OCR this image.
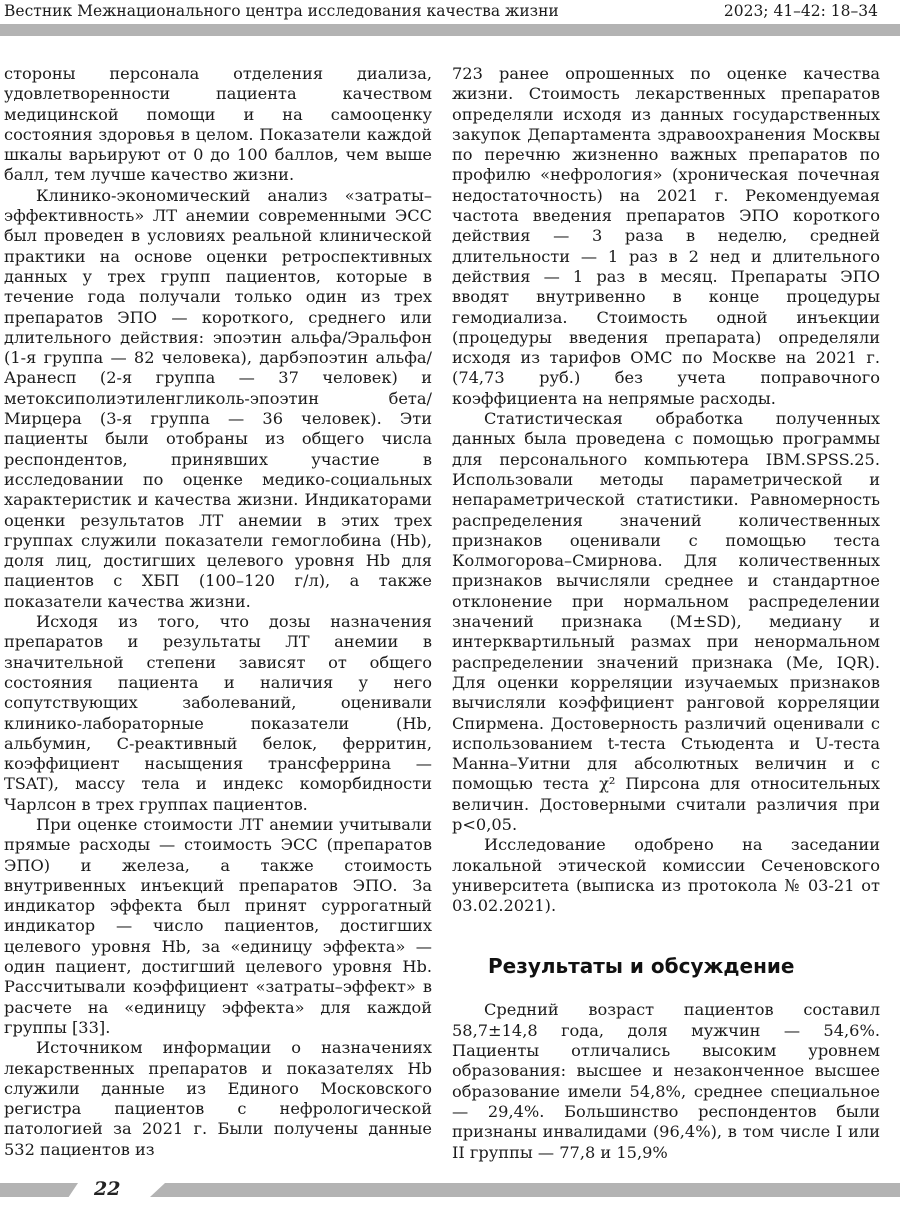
Вестник Межнационального центра исследования качества жизни	2023; 41–42: 18–34

стороны персонала отделения диализа, удовлетворенности пациента качеством медицинской помощи и на самооценку состояния здоровья в целом. Показатели каждой шкалы варьируют от 0 до 100 баллов, чем выше балл, тем лучше качество жизни.

Клинико-экономический анализ «затраты–эффективность» ЛТ анемии современными ЭСС был проведен в условиях реальной клинической практики на основе оценки ретроспективных данных у трех групп пациентов, которые в течение года получали только один из трех препаратов ЭПО — короткого, среднего или длительного действия: эпоэтин альфа/Эральфон (1-я группа — 82 человека), дарбэпоэтин альфа/Аранесп (2-я группа — 37 человек) и метоксиполиэтиленгликоль-эпоэтин бета/Мирцера (3-я группа — 36 человек). Эти пациенты были отобраны из общего числа респондентов, принявших участие в исследовании по оценке медико-социальных характеристик и качества жизни. Индикаторами оценки результатов ЛТ анемии в этих трех группах служили показатели гемоглобина (Hb), доля лиц, достигших целевого уровня Hb для пациентов с ХБП (100–120 г/л), а также показатели качества жизни.

Исходя из того, что дозы назначения препаратов и результаты ЛТ анемии в значительной степени зависят от общего состояния пациента и наличия у него сопутствующих заболеваний, оценивали клинико-лабораторные показатели (Hb, альбумин, C-реактивный белок, ферритин, коэффициент насыщения трансферрина — TSAT), массу тела и индекс коморбидности Чарлсон в трех группах пациентов.

При оценке стоимости ЛТ анемии учитывали прямые расходы — стоимость ЭСС (препаратов ЭПО) и железа, а также стоимость внутривенных инъекций препаратов ЭПО. За индикатор эффекта был принят суррогатный индикатор — число пациентов, достигших целевого уровня Hb, за «единицу эффекта» — один пациент, достигший целевого уровня Hb. Рассчитывали коэффициент «затраты–эффект» в расчете на «единицу эффекта» для каждой группы [33].

Источником информации о назначениях лекарственных препаратов и показателях Hb служили данные из Единого Московского регистра пациентов с нефрологической патологией за 2021 г. Были получены данные 532 пациентов из

723 ранее опрошенных по оценке качества жизни. Стоимость лекарственных препаратов определяли исходя из данных государственных закупок Департамента здравоохранения Москвы по перечню жизненно важных препаратов по профилю «нефрология» (хроническая почечная недостаточность) на 2021 г. Рекомендуемая частота введения препаратов ЭПО короткого действия — 3 раза в неделю, средней длительности — 1 раз в 2 нед и длительного действия — 1 раз в месяц. Препараты ЭПО вводят внутривенно в конце процедуры гемодиализа. Стоимость одной инъекции (процедуры введения препарата) определяли исходя из тарифов ОМС по Москве на 2021 г. (74,73 руб.) без учета поправочного коэффициента на непрямые расходы.

Статистическая обработка полученных данных была проведена с помощью программы для персонального компьютера IBM.SPSS.25. Использовали методы параметрической и непараметрической статистики. Равномерность распределения значений количественных признаков оценивали с помощью теста Колмогорова–Смирнова. Для количественных признаков вычисляли среднее и стандартное отклонение при нормальном распределении значений признака (M±SD), медиану и интерквартильный размах при ненормальном распределении значений признака (Me, IQR). Для оценки корреляции изучаемых признаков вычисляли коэффициент ранговой корреляции Спирмена. Достоверность различий оценивали с использованием t-теста Стьюдента и U-теста Манна–Уитни для абсолютных величин и с помощью теста χ² Пирсона для относительных величин. Достоверными считали различия при p<0,05.

Исследование одобрено на заседании локальной этической комиссии Сеченовского университета (выписка из протокола № 03-21 от 03.02.2021).

Результаты и обсуждение

Средний возраст пациентов составил 58,7±14,8 года, доля мужчин — 54,6%. Пациенты отличались высоким уровнем образования: высшее и незаконченное высшее образование имели 54,8%, среднее специальное — 29,4%. Большинство респондентов были признаны инвалидами (96,4%), в том числе I или II группы — 77,8 и 15,9%

22
